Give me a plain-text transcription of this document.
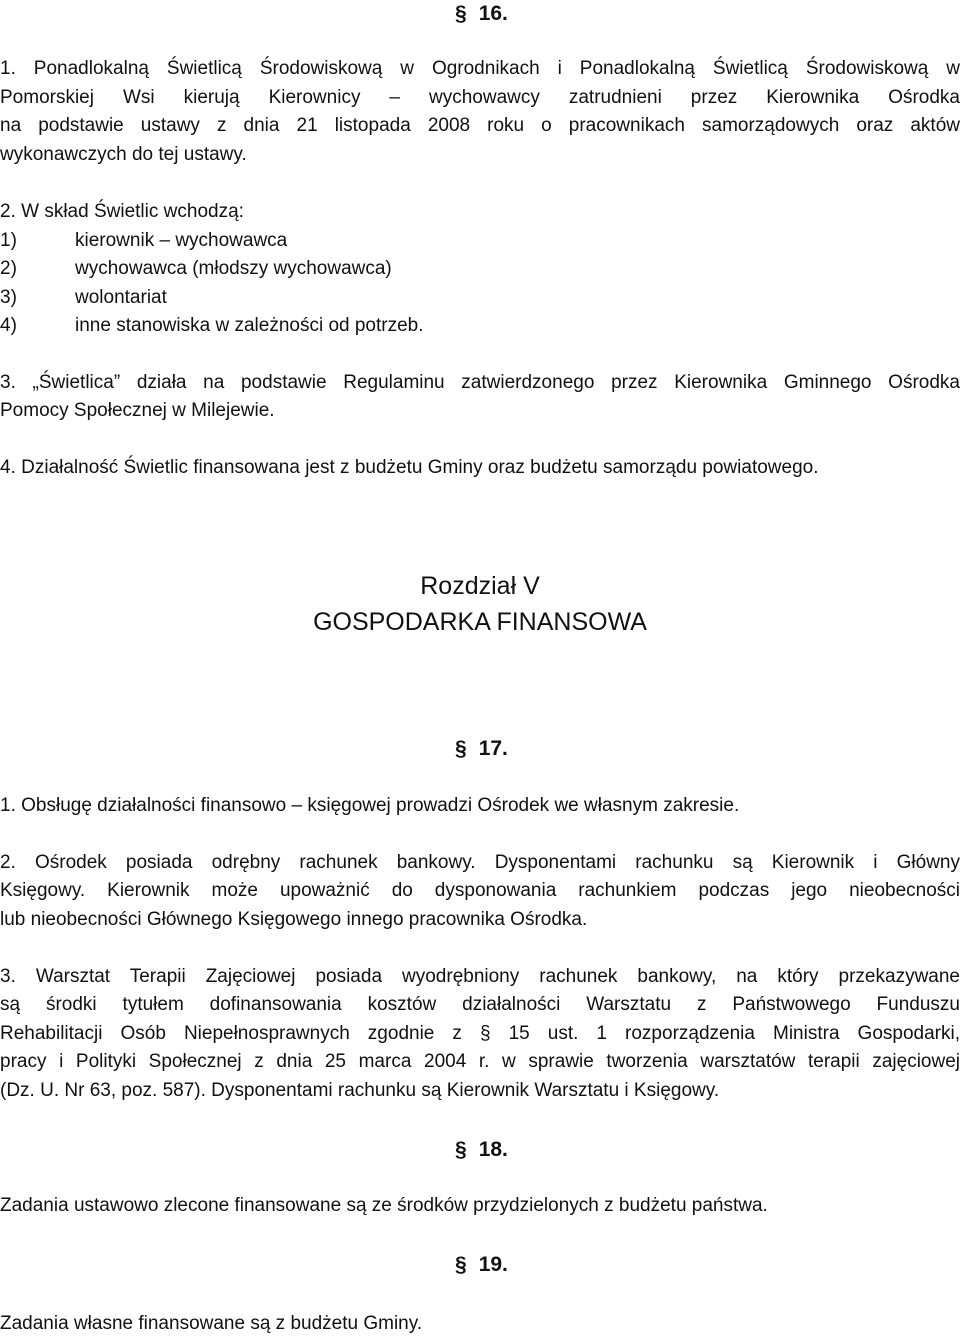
§ 16.
1. Ponadlokalną Świetlicą Środowiskową w Ogrodnikach i Ponadlokalną Świetlicą Środowiskową w
Pomorskiej Wsi kierują Kierownicy – wychowawcy zatrudnieni przez Kierownika Ośrodka
na podstawie ustawy z dnia 21 listopada 2008 roku o pracownikach samorządowych oraz aktów
wykonawczych do tej ustawy.
2. W skład Świetlic wchodzą:
1)	kierownik – wychowawca
2)	wychowawca (młodszy wychowawca)
3)	wolontariat
4)	inne stanowiska w zależności od potrzeb.
3. „Świetlica” działa na podstawie Regulaminu zatwierdzonego przez Kierownika Gminnego Ośrodka
Pomocy Społecznej w Milejewie.
4. Działalność Świetlic finansowana jest z budżetu Gminy oraz budżetu samorządu powiatowego.
Rozdział V
GOSPODARKA FINANSOWA
§ 17.
1. Obsługę działalności finansowo – księgowej prowadzi Ośrodek we własnym zakresie.
2. Ośrodek posiada odrębny rachunek bankowy. Dysponentami rachunku są Kierownik i Główny
Księgowy. Kierownik może upoważnić do dysponowania rachunkiem podczas jego nieobecności
lub nieobecności Głównego Księgowego innego pracownika Ośrodka.
3. Warsztat Terapii Zajęciowej posiada wyodrębniony rachunek bankowy, na który przekazywane
są środki tytułem dofinansowania kosztów działalności Warsztatu z Państwowego Funduszu
Rehabilitacji Osób Niepełnosprawnych zgodnie z § 15 ust. 1 rozporządzenia Ministra Gospodarki,
pracy i Polityki Społecznej z dnia 25 marca 2004 r. w sprawie tworzenia warsztatów terapii zajęciowej
(Dz. U. Nr 63, poz. 587). Dysponentami rachunku są Kierownik Warsztatu i Księgowy.
§ 18.
Zadania ustawowo zlecone finansowane są ze środków przydzielonych z budżetu państwa.
§ 19.
Zadania własne finansowane są z budżetu Gminy.
